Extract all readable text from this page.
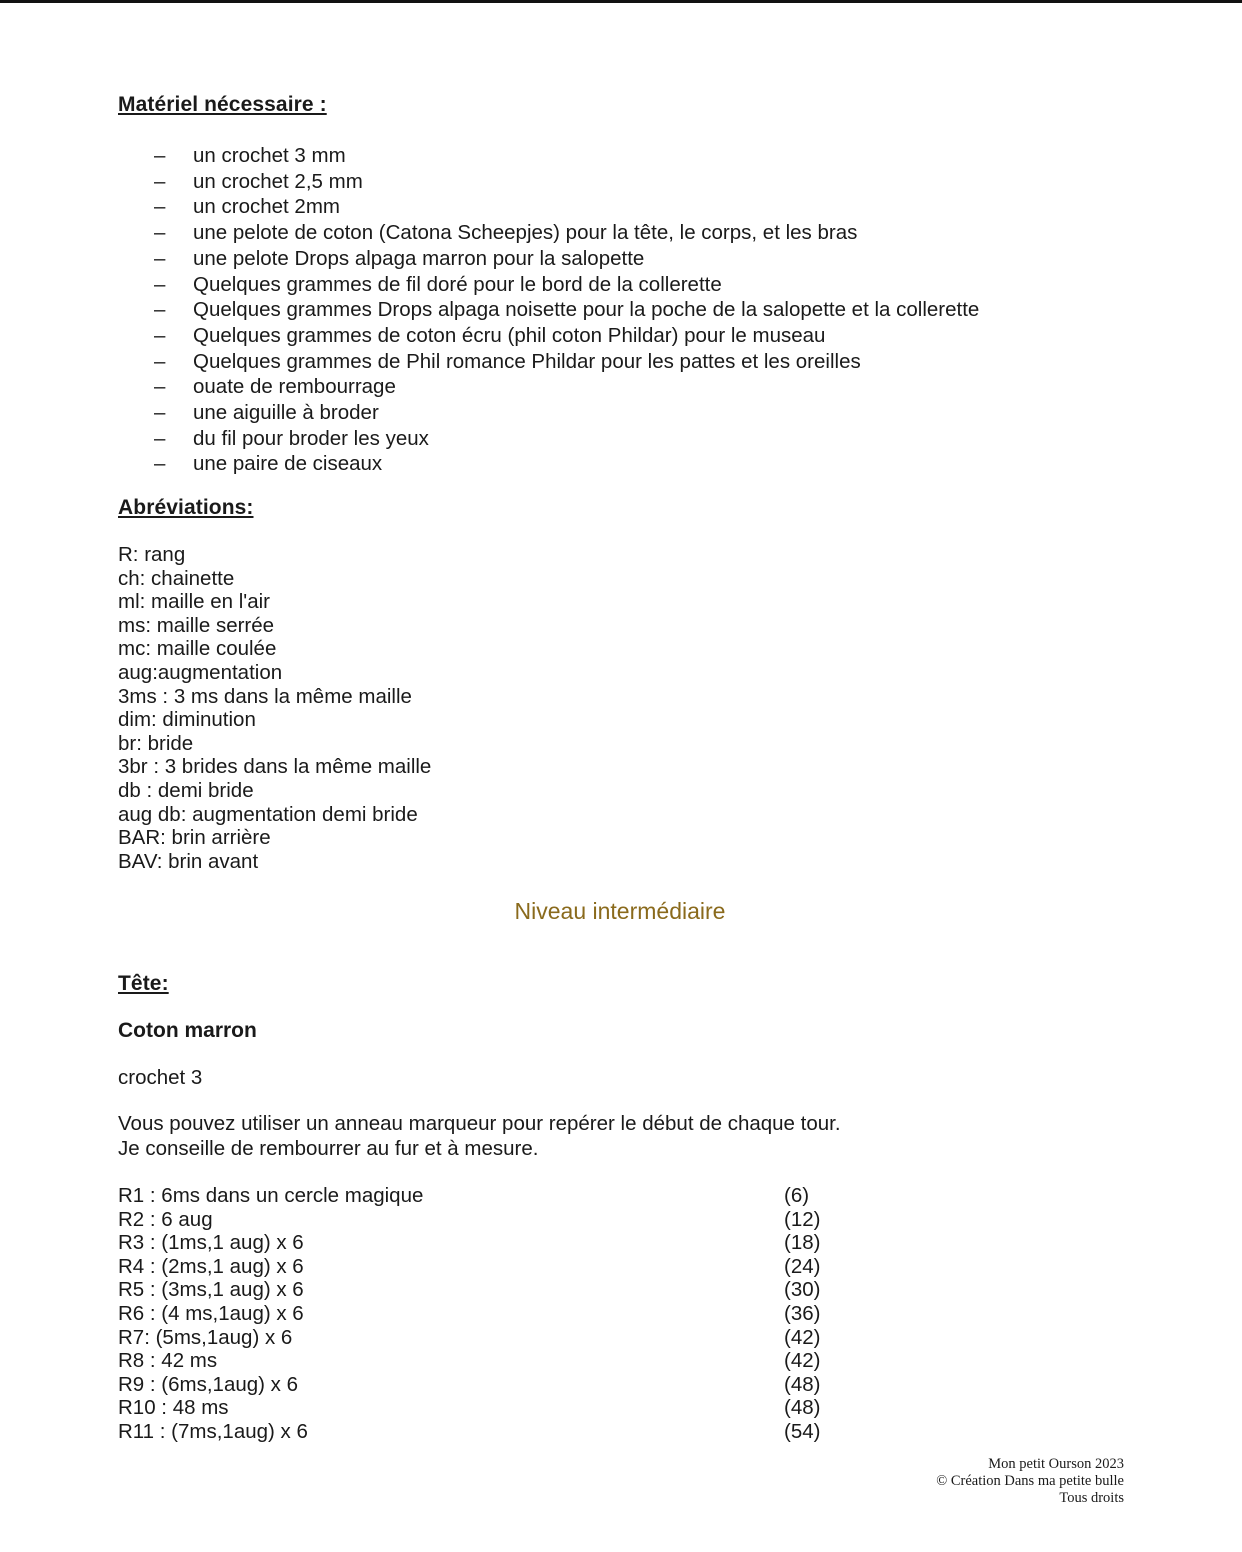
Matériel nécessaire :
– un crochet 3 mm
– un crochet 2,5 mm
– un crochet 2mm
– une pelote de coton (Catona Scheepjes) pour la tête, le corps, et les bras
– une pelote Drops alpaga marron pour la salopette
– Quelques grammes de fil doré pour le bord de la collerette
– Quelques grammes Drops alpaga noisette pour la poche de la salopette et la collerette
– Quelques grammes de coton écru (phil coton Phildar) pour le museau
– Quelques grammes de Phil romance Phildar pour les pattes et les oreilles
– ouate de rembourrage
– une aiguille à broder
– du fil pour broder les yeux
– une paire de ciseaux
Abréviations:
R: rang
ch: chainette
ml: maille en l'air
ms: maille serrée
mc: maille coulée
aug:augmentation
3ms : 3 ms dans la même maille
dim: diminution
br: bride
3br : 3 brides dans la même maille
db : demi bride
aug db: augmentation demi bride
BAR: brin arrière
BAV: brin avant
Niveau intermédiaire
Tête:
Coton marron
crochet 3
Vous pouvez utiliser un anneau marqueur pour repérer le début de chaque tour.
Je conseille de rembourrer au fur et à mesure.
R1 : 6ms dans un cercle magique	(6)
R2 : 6 aug	(12)
R3 : (1ms,1 aug) x 6	(18)
R4 : (2ms,1 aug) x 6	(24)
R5 : (3ms,1 aug) x 6	(30)
R6 : (4 ms,1aug) x 6	(36)
R7: (5ms,1aug) x 6	(42)
R8 : 42 ms	(42)
R9 : (6ms,1aug) x 6	(48)
R10 : 48 ms	(48)
R11 : (7ms,1aug) x 6	(54)
Mon petit Ourson 2023
© Création Dans ma petite bulle
Tous droits
